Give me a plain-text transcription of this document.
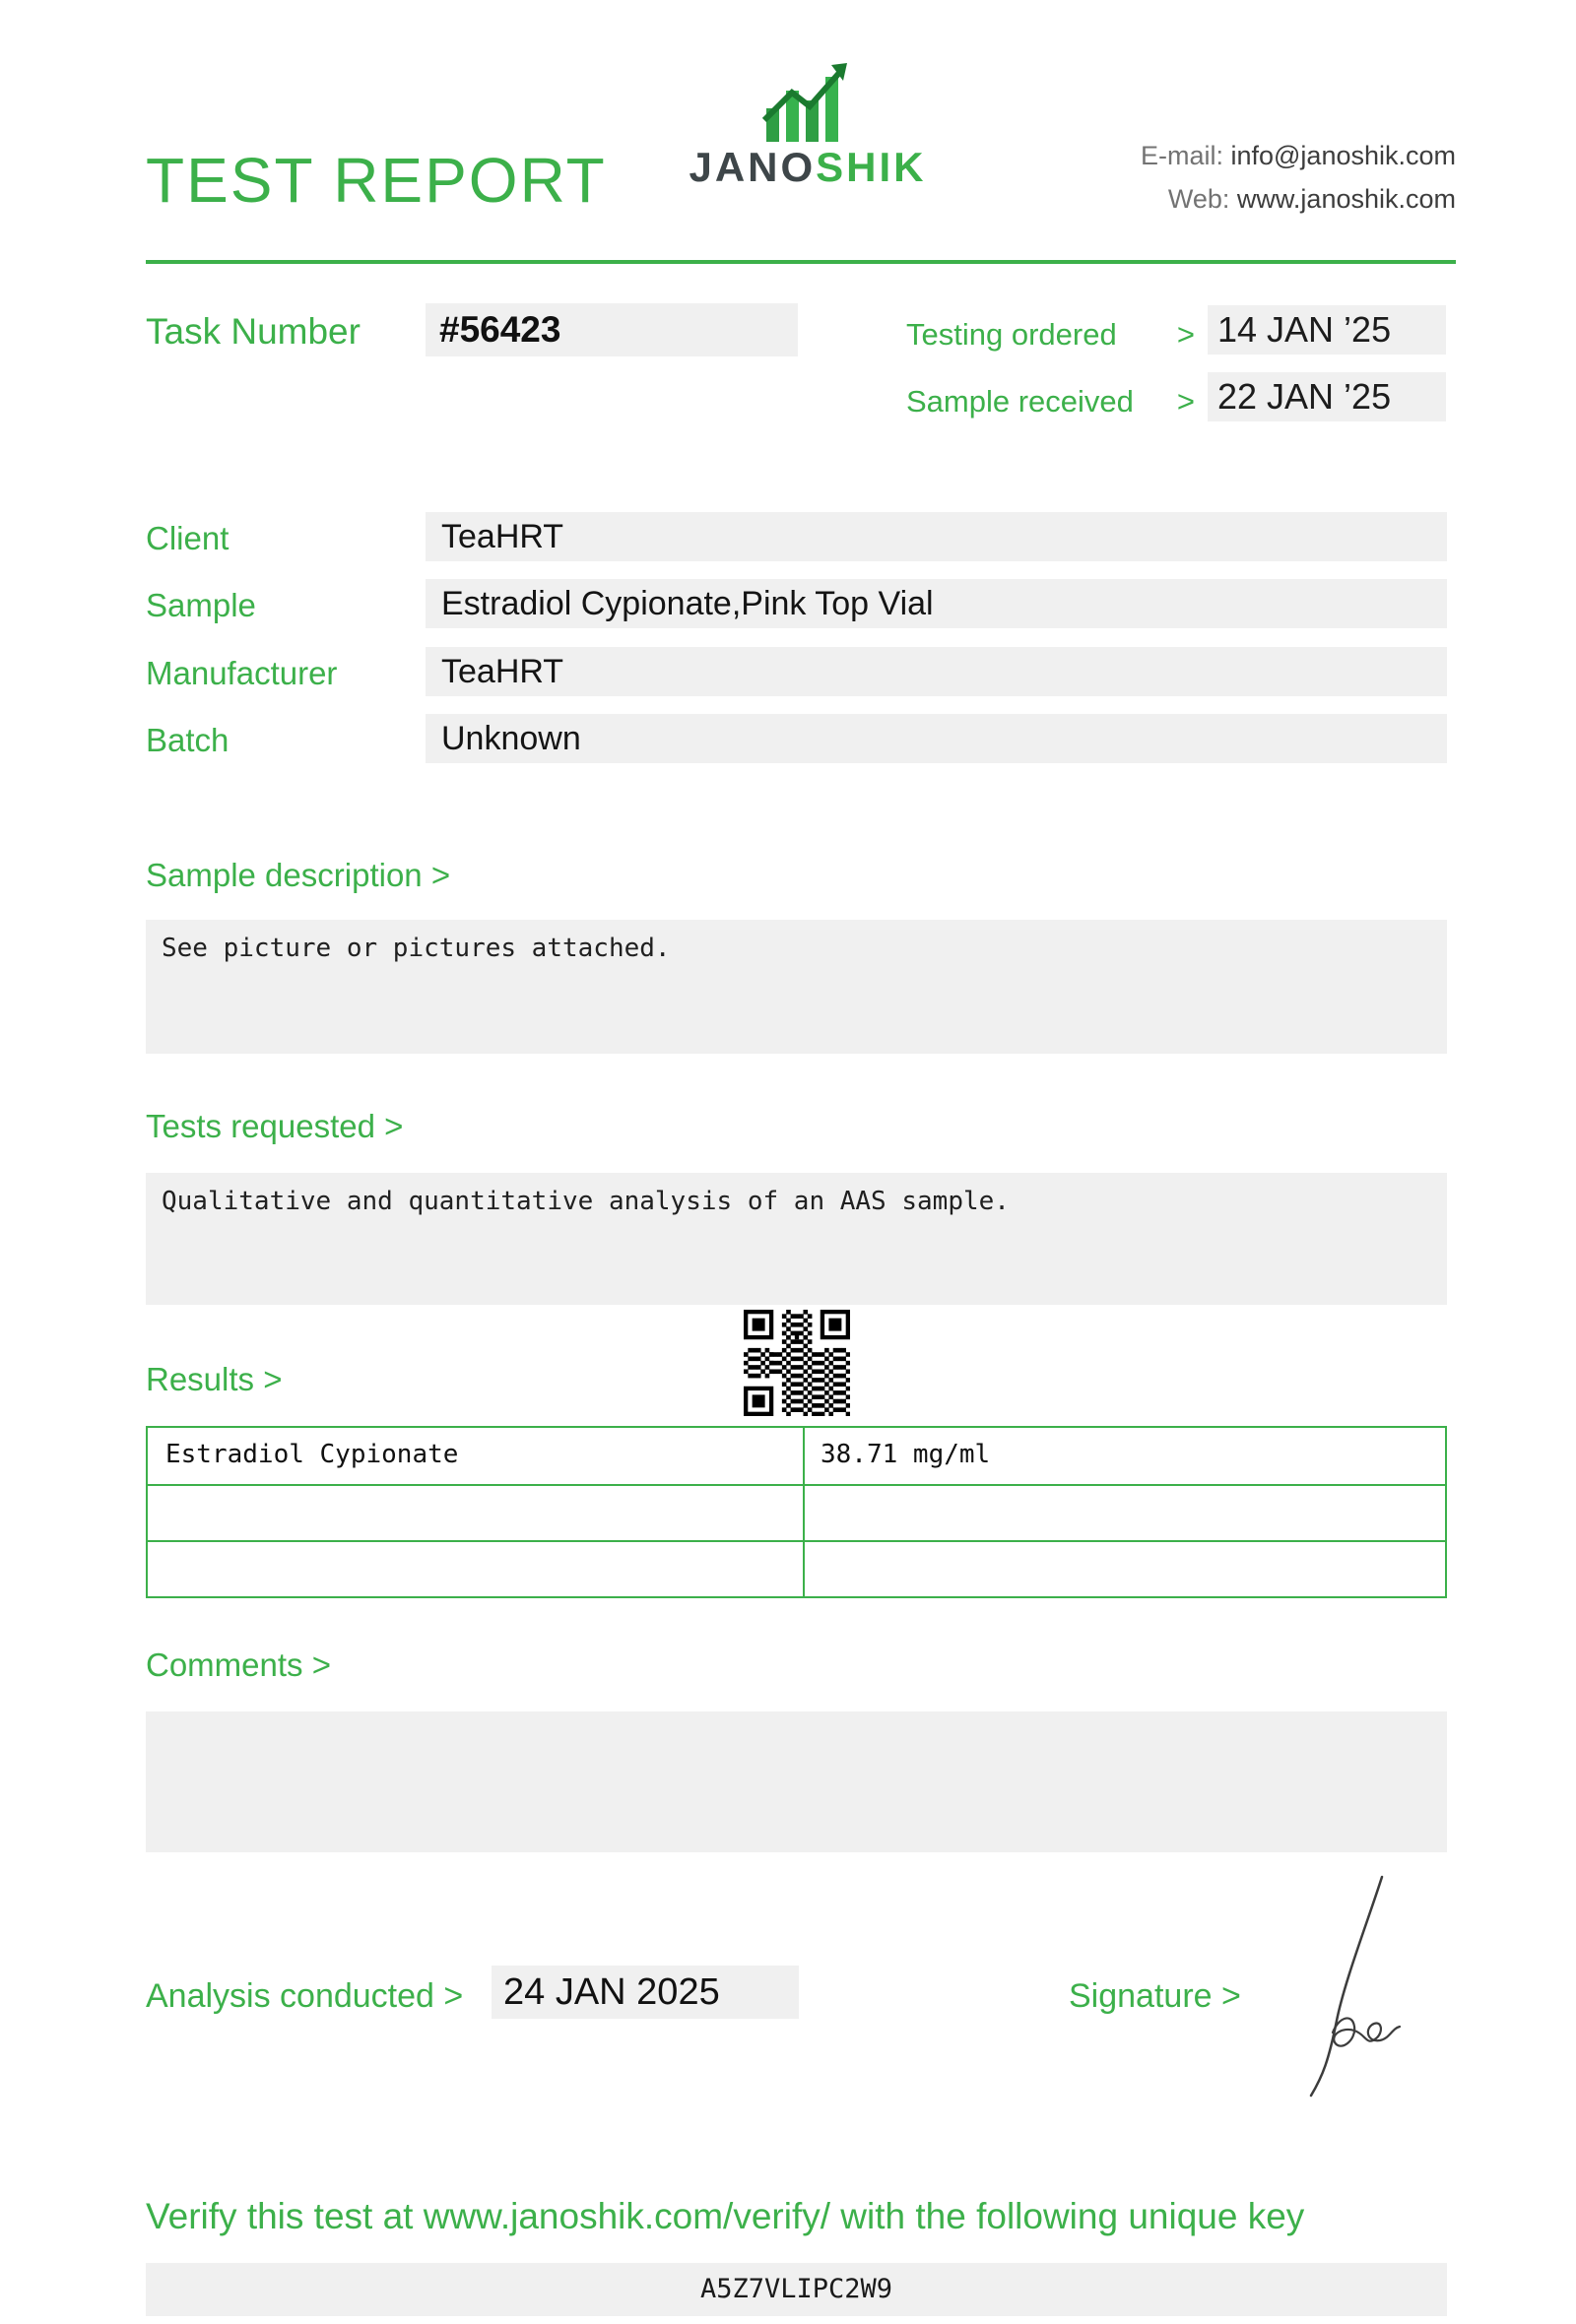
TEST REPORT	JANOSHIK	E-mail: info@janoshik.com
Web: www.janoshik.com
Task Number	#56423	Testing ordered > 14 JAN ’25
Sample received > 22 JAN ’25
Client	TeaHRT
Sample	Estradiol Cypionate,Pink Top Vial
Manufacturer	TeaHRT
Batch	Unknown
Sample description >
See picture or pictures attached.
Tests requested >
Qualitative and quantitative analysis of an AAS sample.
Results >
Estradiol Cypionate	38.71 mg/ml
Comments >
Analysis conducted >	24 JAN 2025	Signature >
Verify this test at www.janoshik.com/verify/ with the following unique key
A5Z7VLIPC2W9
